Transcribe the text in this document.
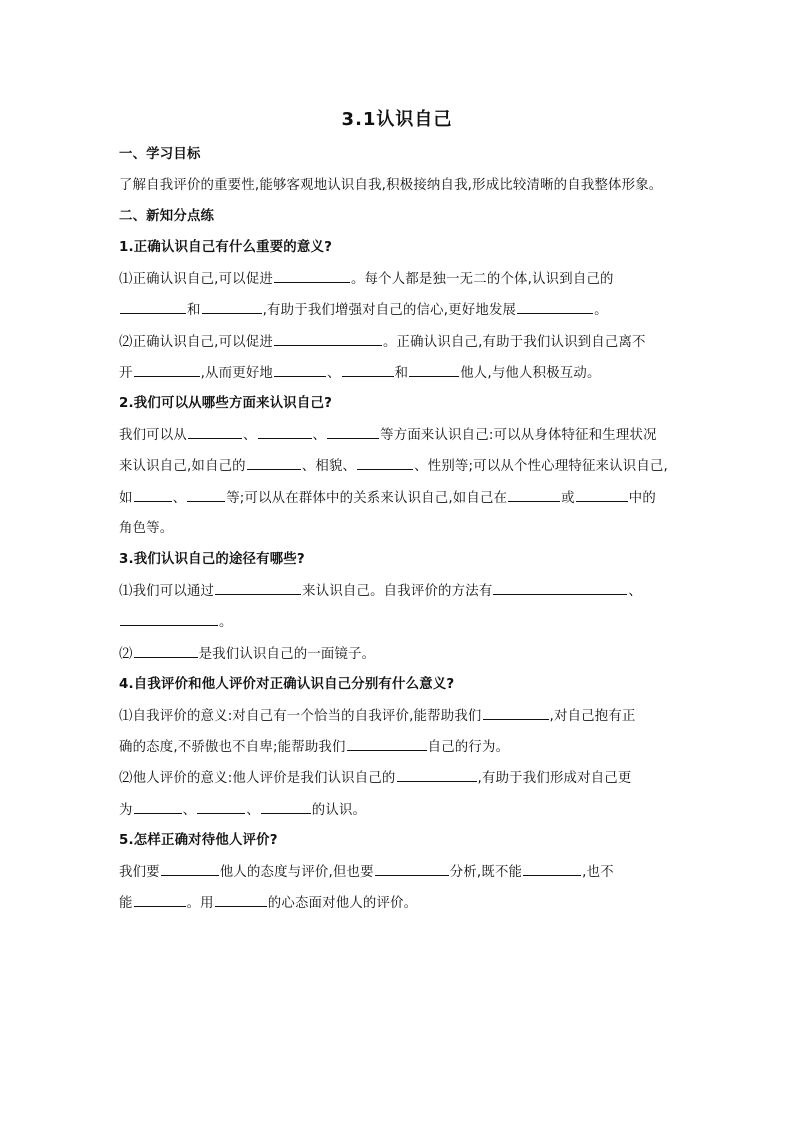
3.1认识自己
一、学习目标
了解自我评价的重要性,能够客观地认识自我,积极接纳自我,形成比较清晰的自我整体形象。
二、新知分点练
1.正确认识自己有什么重要的意义?
⑴正确认识自己,可以促进	。每个人都是独一无二的个体,认识到自己的
和	,有助于我们增强对自己的信心,更好地发展	。
⑵正确认识自己,可以促进	。正确认识自己,有助于我们认识到自己离不
开	,从而更好地	、	和	他人,与他人积极互动。
2.我们可以从哪些方面来认识自己?
我们可以从	、	、	等方面来认识自己:可以从身体特征和生理状况
来认识自己,如自己的	、相貌、	、性别等;可以从个性心理特征来认识自己,
如	、	等;可以从在群体中的关系来认识自己,如自己在	或	中的
角色等。
3.我们认识自己的途径有哪些?
⑴我们可以通过	来认识自己。自我评价的方法有	、
。
⑵	是我们认识自己的一面镜子。
4.自我评价和他人评价对正确认识自己分别有什么意义?
⑴自我评价的意义:对自己有一个恰当的自我评价,能帮助我们	,对自己抱有正
确的态度,不骄傲也不自卑;能帮助我们	自己的行为。
⑵他人评价的意义:他人评价是我们认识自己的	,有助于我们形成对自己更
为	、	、	的认识。
5.怎样正确对待他人评价?
我们要	他人的态度与评价,但也要	分析,既不能	,也不
能	。用	的心态面对他人的评价。
